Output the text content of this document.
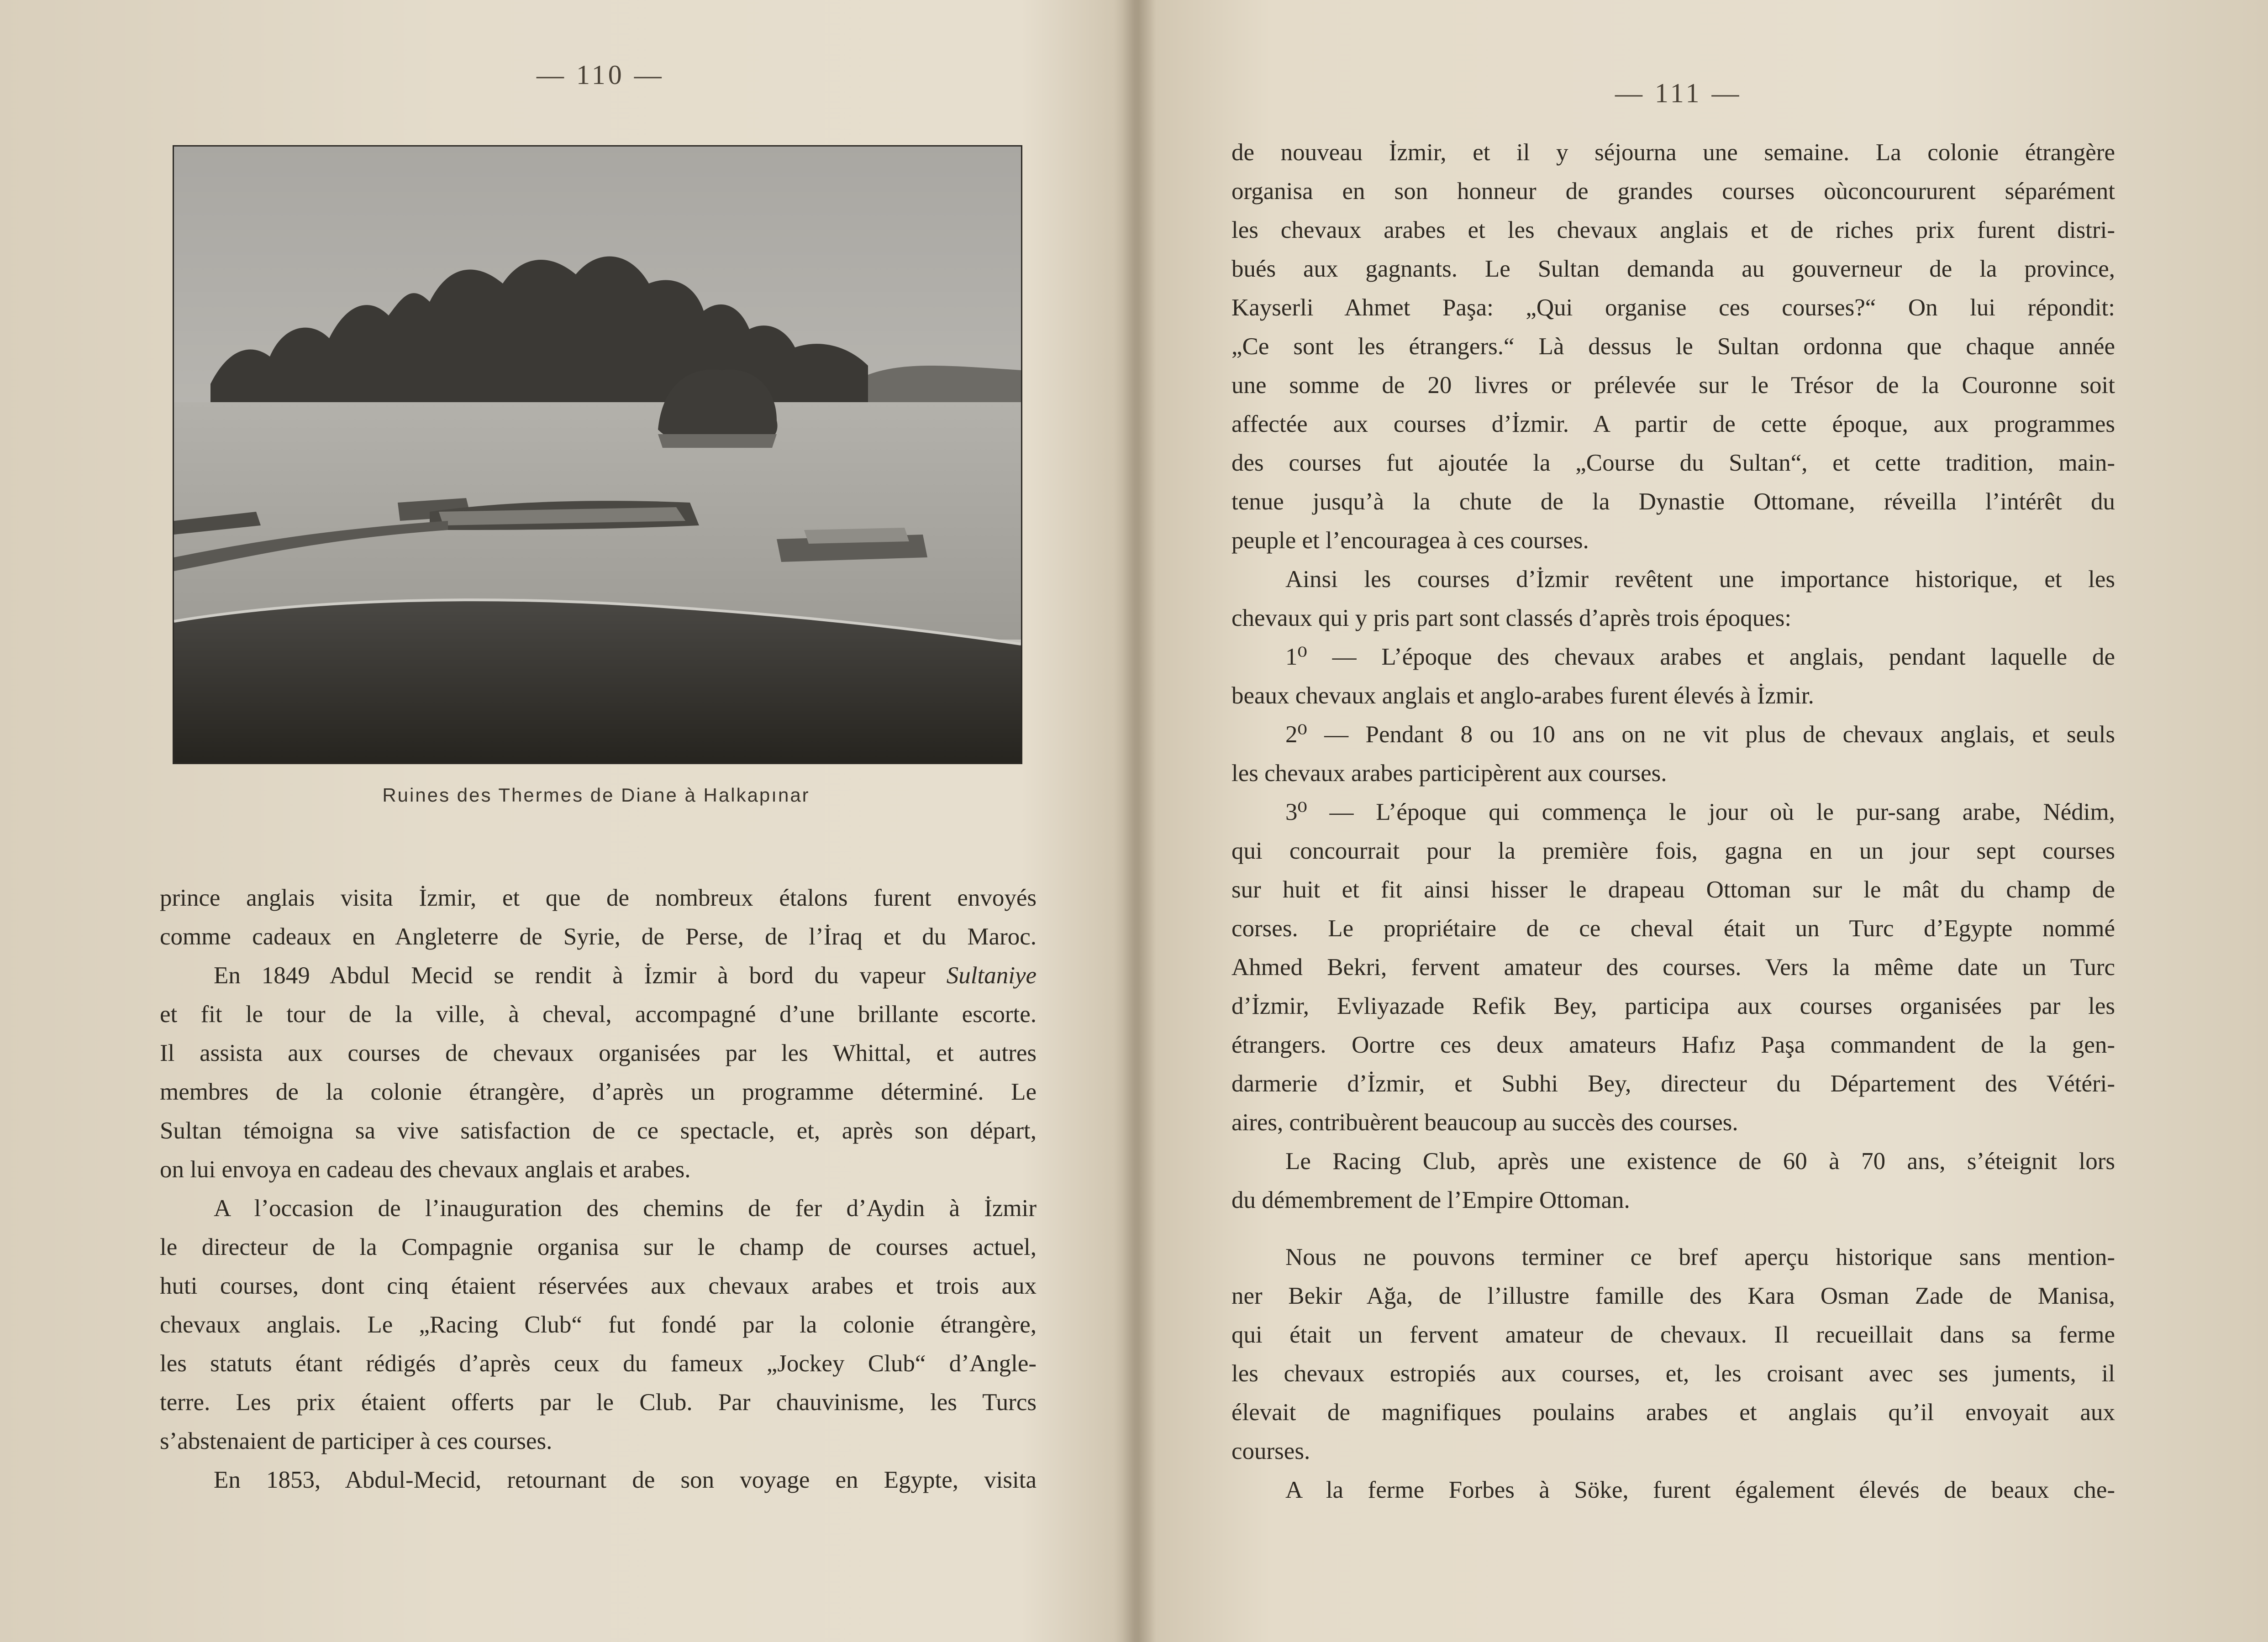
— 110 —
Ruines des Thermes de Diane à Halkapınar
prince anglais visita İzmir, et que de nombreux étalons furent envoyés
comme cadeaux en Angleterre de Syrie, de Perse, de l’İraq et du Maroc.
En 1849 Abdul Mecid se rendit à İzmir à bord du vapeur Sultaniye
et fit le tour de la ville, à cheval, accompagné d’une brillante escorte.
Il assista aux courses de chevaux organisées par les Whittal, et autres
membres de la colonie étrangère, d’après un programme déterminé. Le
Sultan témoigna sa vive satisfaction de ce spectacle, et, après son départ,
on lui envoya en cadeau des chevaux anglais et arabes.
A l’occasion de l’inauguration des chemins de fer d’Aydin à İzmir
le directeur de la Compagnie organisa sur le champ de courses actuel,
huti courses, dont cinq étaient réservées aux chevaux arabes et trois aux
chevaux anglais. Le „Racing Club“ fut fondé par la colonie étrangère,
les statuts étant rédigés d’après ceux du fameux „Jockey Club“ d’Angle-
terre. Les prix étaient offerts par le Club. Par chauvinisme, les Turcs
s’abstenaient de participer à ces courses.
En 1853, Abdul-Mecid, retournant de son voyage en Egypte, visita
— 111 —
de nouveau İzmir, et il y séjourna une semaine. La colonie étrangère
organisa en son honneur de grandes courses oùconcoururent séparément
les chevaux arabes et les chevaux anglais et de riches prix furent distri-
bués aux gagnants. Le Sultan demanda au gouverneur de la province,
Kayserli Ahmet Paşa: „Qui organise ces courses?“ On lui répondit:
„Ce sont les étrangers.“ Là dessus le Sultan ordonna que chaque année
une somme de 20 livres or prélevée sur le Trésor de la Couronne soit
affectée aux courses d’İzmir. A partir de cette époque, aux programmes
des courses fut ajoutée la „Course du Sultan“, et cette tradition, main-
tenue jusqu’à la chute de la Dynastie Ottomane, réveilla l’intérêt du
peuple et l’encouragea à ces courses.
Ainsi les courses d’İzmir revêtent une importance historique, et les
chevaux qui y pris part sont classés d’après trois époques:
1⁰ — L’époque des chevaux arabes et anglais, pendant laquelle de
beaux chevaux anglais et anglo-arabes furent élevés à İzmir.
2⁰ — Pendant 8 ou 10 ans on ne vit plus de chevaux anglais, et seuls
les chevaux arabes participèrent aux courses.
3⁰ — L’époque qui commença le jour où le pur-sang arabe, Nédim,
qui concourrait pour la première fois, gagna en un jour sept courses
sur huit et fit ainsi hisser le drapeau Ottoman sur le mât du champ de
corses. Le propriétaire de ce cheval était un Turc d’Egypte nommé
Ahmed Bekri, fervent amateur des courses. Vers la même date un Turc
d’İzmir, Evliyazade Refik Bey, participa aux courses organisées par les
étrangers. Oortre ces deux amateurs Hafız Paşa commandent de la gen-
darmerie d’İzmir, et Subhi Bey, directeur du Département des Vétéri-
aires, contribuèrent beaucoup au succès des courses.
Le Racing Club, après une existence de 60 à 70 ans, s’éteignit lors
du démembrement de l’Empire Ottoman.
Nous ne pouvons terminer ce bref aperçu historique sans mention-
ner Bekir Ağa, de l’illustre famille des Kara Osman Zade de Manisa,
qui était un fervent amateur de chevaux. Il recueillait dans sa ferme
les chevaux estropiés aux courses, et, les croisant avec ses juments, il
élevait de magnifiques poulains arabes et anglais qu’il envoyait aux
courses.
A la ferme Forbes à Söke, furent également élevés de beaux che-
